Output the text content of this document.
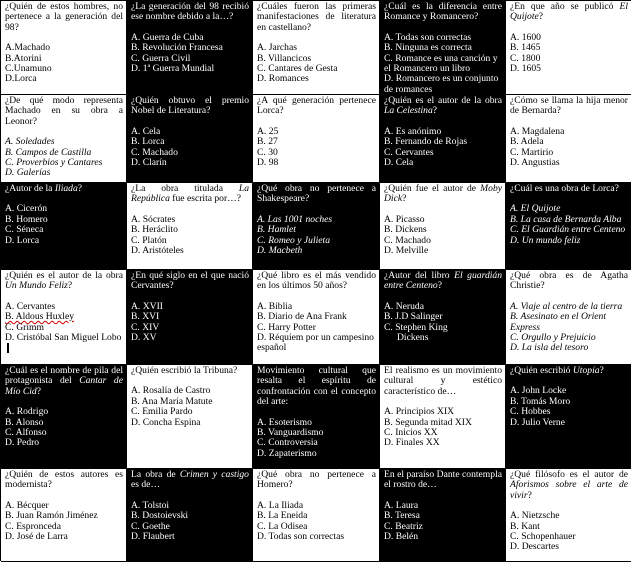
¿Quién de estos hombres, no pertenece a la generación del 98?
A.Machado
B.Atorini
C.Unamuno
D.Lorca
¿La generación del 98 recibió ese nombre debido a la…?
A. Guerra de Cuba
B. Revolución Francesa
C. Guerra Civil
D. 1ª Guerra Mundial
¿Cuáles fueron las primeras manifestaciones de literatura en castellano?
A. Jarchas
B. Villancicos
C. Cantares de Gesta
D. Romances
¿Cuál es la diferencia entre Romance y Romancero?
A. Todas son correctas
B. Ninguna es correcta
C. Romance es una canción y el Romancero un libro
D. Romancero es un conjunto de romances
¿En que año se publicó El Quijote?
A. 1600
B. 1465
C. 1800
D. 1605
¿De qué modo representa Machado en su obra a Leonor?
A. Soledades
B. Campos de Castilla
C. Proverbios y Cantares
D. Galerías
¿Quién obtuvo el premio Nobel de Literatura?
A. Cela
B. Lorca
C. Machado
D. Clarín
¿A qué generación pertenece Lorca?
A. 25
B. 27
C. 30
D. 98
¿Quién es el autor de la obra La Celestina?
A. Es anónimo
B. Fernando de Rojas
C. Cervantes
D. Cela
¿Cómo se llama la hija menor de Bernarda?
A. Magdalena
B. Adela
C. Martirio
D. Angustias
¿Autor de la Iliada?
A. Cicerón
B. Homero
C. Séneca
D. Lorca
¿La obra titulada La República fue escrita por…?
A. Sócrates
B. Heráclito
C. Platón
D. Aristóteles
¿Qué obra no pertenece a Shakespeare?
A. Las 1001 noches
B. Hamlet
C. Romeo y Julieta
D. Macbeth
¿Quién fue el autor de Moby Dick?
A. Picasso
B. Dickens
C. Machado
D. Melville
¿Cuál es una obra de Lorca?
A. El Quijote
B. La casa de Bernarda Alba
C. El Guardián entre Centeno
D. Un mundo feliz
¿Quién es el autor de la obra Un Mundo Feliz?
A. Cervantes
B. Aldous Huxley
C. Grimm
D. Cristóbal San Miguel Lobo
¿En qué siglo en el que nació Cervantes?
A. XVII
B. XVI
C. XIV
D. XV
¿Qué libro es el más vendido en los últimos 50 años?
A. Biblia
B. Diario de Ana Frank
C. Harry Potter
D. Réquiem por un campesino español
¿Autor del libro El guardián entre Centeno?
A. Neruda
B. J.D Salinger
C. Stephen King
Dickens
¿Qué obra es de Agatha Christie?
A. Viaje al centro de la tierra
B. Asesinato en el Orient Express
C. Orgullo y Prejuicio
D. La isla del tesoro
¿Cuál es el nombre de pila del protagonista del Cantar de Mío Cid?
A. Rodrigo
B. Alonso
C. Alfonso
D. Pedro
¿Quién escribió la Tribuna?
A. Rosalía de Castro
B. Ana María Matute
C. Emilia Pardo
D. Concha Espina
Movimiento cultural que resalta el espíritu de confrontación con el concepto del arte:
A. Esoterismo
B. Vanguardismo
C. Controversia
D. Zapaterismo
El realismo es un movimiento cultural y estético característico de…
A. Principios XIX
B. Segunda mitad XIX
C. Inicios XX
D. Finales XX
¿Quién escribió Utopía?
A. John Locke
B. Tomás Moro
C. Hobbes
D. Julio Verne
¿Quién de estos autores es modernista?
A. Bécquer
B. Juan Ramón Jiménez
C. Espronceda
D. José de Larra
La obra de Crimen y castigo es de…
A. Tolstoi
B. Dostoievski
C. Goethe
D. Flaubert
¿Qué obra no pertenece a Homero?
A. La Iliada
B. La Eneida
C. La Odisea
D. Todas son correctas
En el paraíso Dante contempla el rostro de…
A. Laura
B. Teresa
C. Beatriz
D. Belén
¿Qué filósofo es el autor de Aforismos sobre el arte de vivir?
A. Nietzsche
B. Kant
C. Schopenhauer
D. Descartes
